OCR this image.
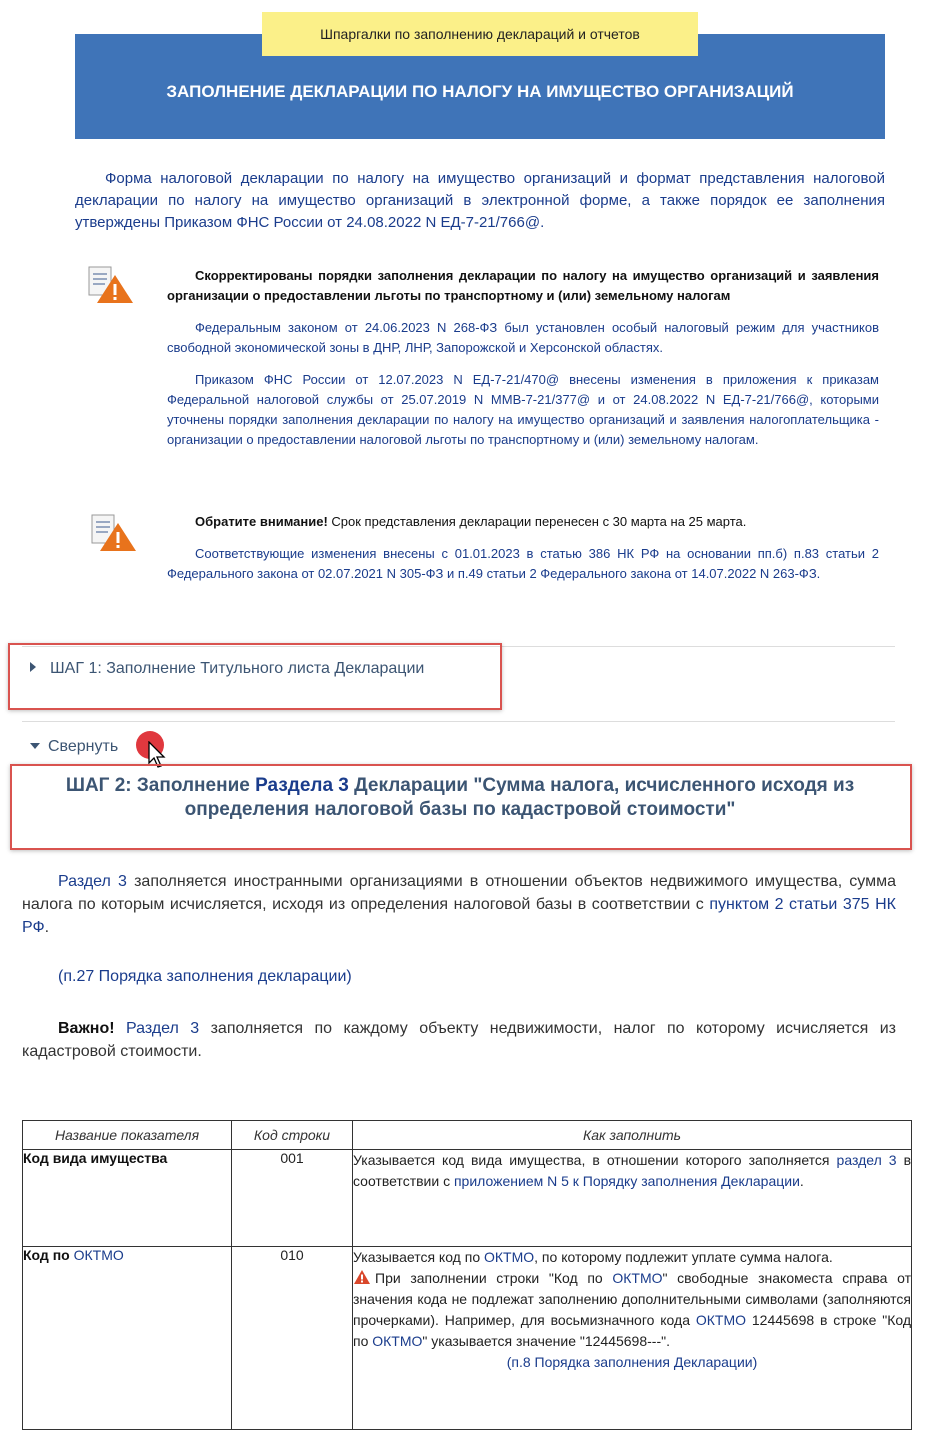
Шпаргалки по заполнению деклараций и отчетов
ЗАПОЛНЕНИЕ ДЕКЛАРАЦИИ ПО НАЛОГУ НА ИМУЩЕСТВО ОРГАНИЗАЦИЙ
Форма налоговой декларации по налогу на имущество организаций и формат представления налоговой декларации по налогу на имущество организаций в электронной форме, а также порядок ее заполнения утверждены Приказом ФНС России от 24.08.2022 N ЕД-7-21/766@.

Скорректированы порядки заполнения декларации по налогу на имущество организаций и заявления организации о предоставлении льготы по транспортному и (или) земельному налогам

Федеральным законом от 24.06.2023 N 268-ФЗ был установлен особый налоговый режим для участников свободной экономической зоны в ДНР, ЛНР, Запорожской и Херсонской областях.

Приказом ФНС России от 12.07.2023 N ЕД-7-21/470@ внесены изменения в приложения к приказам Федеральной налоговой службы от 25.07.2019 N ММВ-7-21/377@ и от 24.08.2022 N ЕД-7-21/766@, которыми уточнены порядки заполнения декларации по налогу на имущество организаций и заявления налогоплательщика - организации о предоставлении налоговой льготы по транспортному и (или) земельному налогам.

Обратите внимание! Срок представления декларации перенесен с 30 марта на 25 марта.

Соответствующие изменения внесены с 01.01.2023 в статью 386 НК РФ на основании пп.б) п.83 статьи 2 Федерального закона от 02.07.2021 N 305-ФЗ и п.49 статьи 2 Федерального закона от 14.07.2022 N 263-ФЗ.

ШАГ 1: Заполнение Титульного листа Декларации
Свернуть
ШАГ 2: Заполнение Раздела 3 Декларации "Сумма налога, исчисленного исходя из определения налоговой базы по кадастровой стоимости"
Раздел 3 заполняется иностранными организациями в отношении объектов недвижимого имущества, сумма налога по которым исчисляется, исходя из определения налоговой базы в соответствии с пунктом 2 статьи 375 НК РФ.
(п.27 Порядка заполнения декларации)
Важно! Раздел 3 заполняется по каждому объекту недвижимости, налог по которому исчисляется из кадастровой стоимости.
Название показателя	Код строки	Как заполнить
Код вида имущества	001	Указывается код вида имущества, в отношении которого заполняется раздел 3 в соответствии с приложением N 5 к Порядку заполнения Декларации.
Код по ОКТМО	010	Указывается код по ОКТМО, по которому подлежит уплате сумма налога.
При заполнении строки "Код по ОКТМО" свободные знакоместа справа от значения кода не подлежат заполнению дополнительными символами (заполняются прочерками). Например, для восьмизначного кода ОКТМО 12445698 в строке "Код по ОКТМО" указывается значение "12445698---".
(п.8 Порядка заполнения Декларации)
